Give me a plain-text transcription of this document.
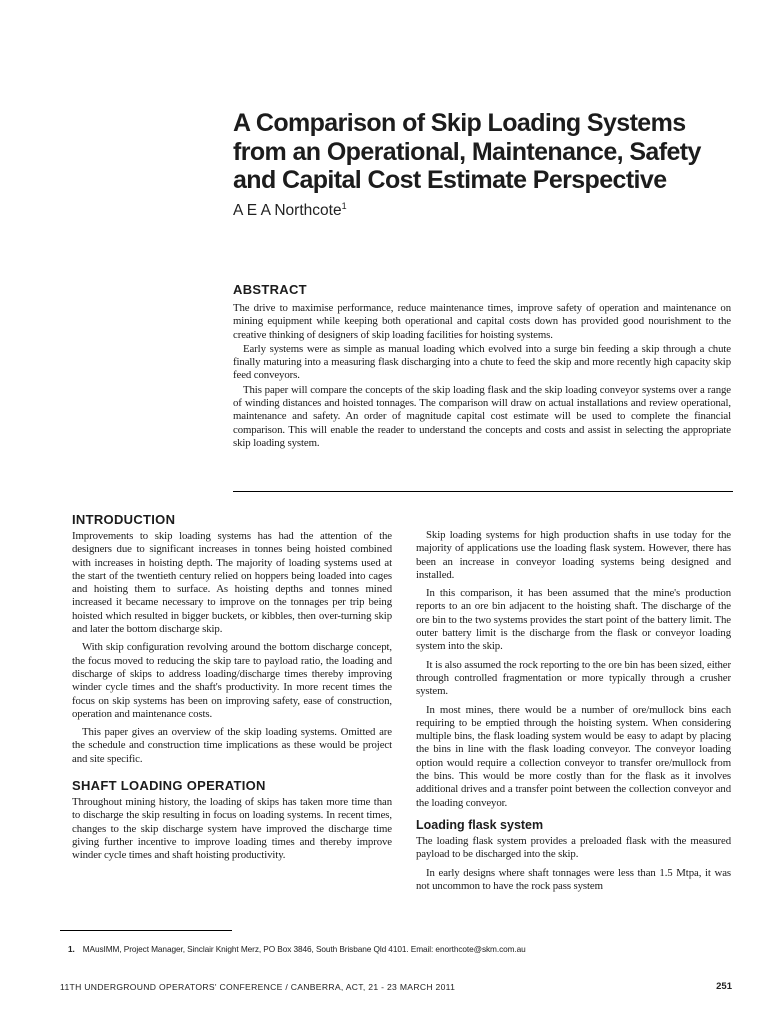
A Comparison of Skip Loading Systems from an Operational, Maintenance, Safety and Capital Cost Estimate Perspective
A E A Northcote$^1$
ABSTRACT

The drive to maximise performance, reduce maintenance times, improve safety of operation and maintenance on mining equipment while keeping both operational and capital costs down has provided good nourishment to the creative thinking of designers of skip loading facilities for hoisting systems.

Early systems were as simple as manual loading which evolved into a surge bin feeding a skip through a chute finally maturing into a measuring flask discharging into a chute to feed the skip and more recently high capacity skip feed conveyors.

This paper will compare the concepts of the skip loading flask and the skip loading conveyor systems over a range of winding distances and hoisted tonnages. The comparison will draw on actual installations and review operational, maintenance and safety. An order of magnitude capital cost estimate will be used to complete the financial comparison. This will enable the reader to understand the concepts and costs and assist in selecting the appropriate skip loading system.

INTRODUCTION

Improvements to skip loading systems has had the attention of the designers due to significant increases in tonnes being hoisted combined with increases in hoisting depth. The majority of loading systems used at the start of the twentieth century relied on hoppers being loaded into cages and hoisting them to surface. As hoisting depths and tonnes mined increased it became necessary to improve on the tonnages per trip being hoisted which resulted in bigger buckets, or kibbles, then over-turning skip and later the bottom discharge skip.

With skip configuration revolving around the bottom discharge concept, the focus moved to reducing the skip tare to payload ratio, the loading and discharge of skips to address loading/discharge times thereby improving winder cycle times and the shaft's productivity. In more recent times the focus on skip systems has been on improving safety, ease of construction, operation and maintenance costs.

This paper gives an overview of the skip loading systems. Omitted are the schedule and construction time implications as these would be project and site specific.

SHAFT LOADING OPERATION

Throughout mining history, the loading of skips has taken more time than to discharge the skip resulting in focus on loading systems. In recent times, changes to the skip discharge system have improved the discharge time giving further incentive to improve loading times and thereby improve winder cycle times and shaft hoisting productivity.

Skip loading systems for high production shafts in use today for the majority of applications use the loading flask system. However, there has been an increase in conveyor loading systems being designed and installed.

In this comparison, it has been assumed that the mine's production reports to an ore bin adjacent to the hoisting shaft. The discharge of the ore bin to the two systems provides the start point of the battery limit. The outer battery limit is the discharge from the flask or conveyor loading system into the skip.

It is also assumed the rock reporting to the ore bin has been sized, either through controlled fragmentation or more typically through a crusher system.

In most mines, there would be a number of ore/mullock bins each requiring to be emptied through the hoisting system. When considering multiple bins, the flask loading system would be easy to adapt by placing the bins in line with the flask loading conveyor. The conveyor loading option would require a collection conveyor to transfer ore/mullock from the bins. This would be more costly than for the flask as it involves additional drives and a transfer point between the collection conveyor and the loading conveyor.

Loading flask system

The loading flask system provides a preloaded flask with the measured payload to be discharged into the skip.

In early designs where shaft tonnages were less than 1.5 Mtpa, it was not uncommon to have the rock pass system

1. MAusIMM, Project Manager, Sinclair Knight Merz, PO Box 3846, South Brisbane Qld 4101. Email: enorthcote@skm.com.au
11TH UNDERGROUND OPERATORS' CONFERENCE / CANBERRA, ACT, 21 - 23 MARCH 2011	251
